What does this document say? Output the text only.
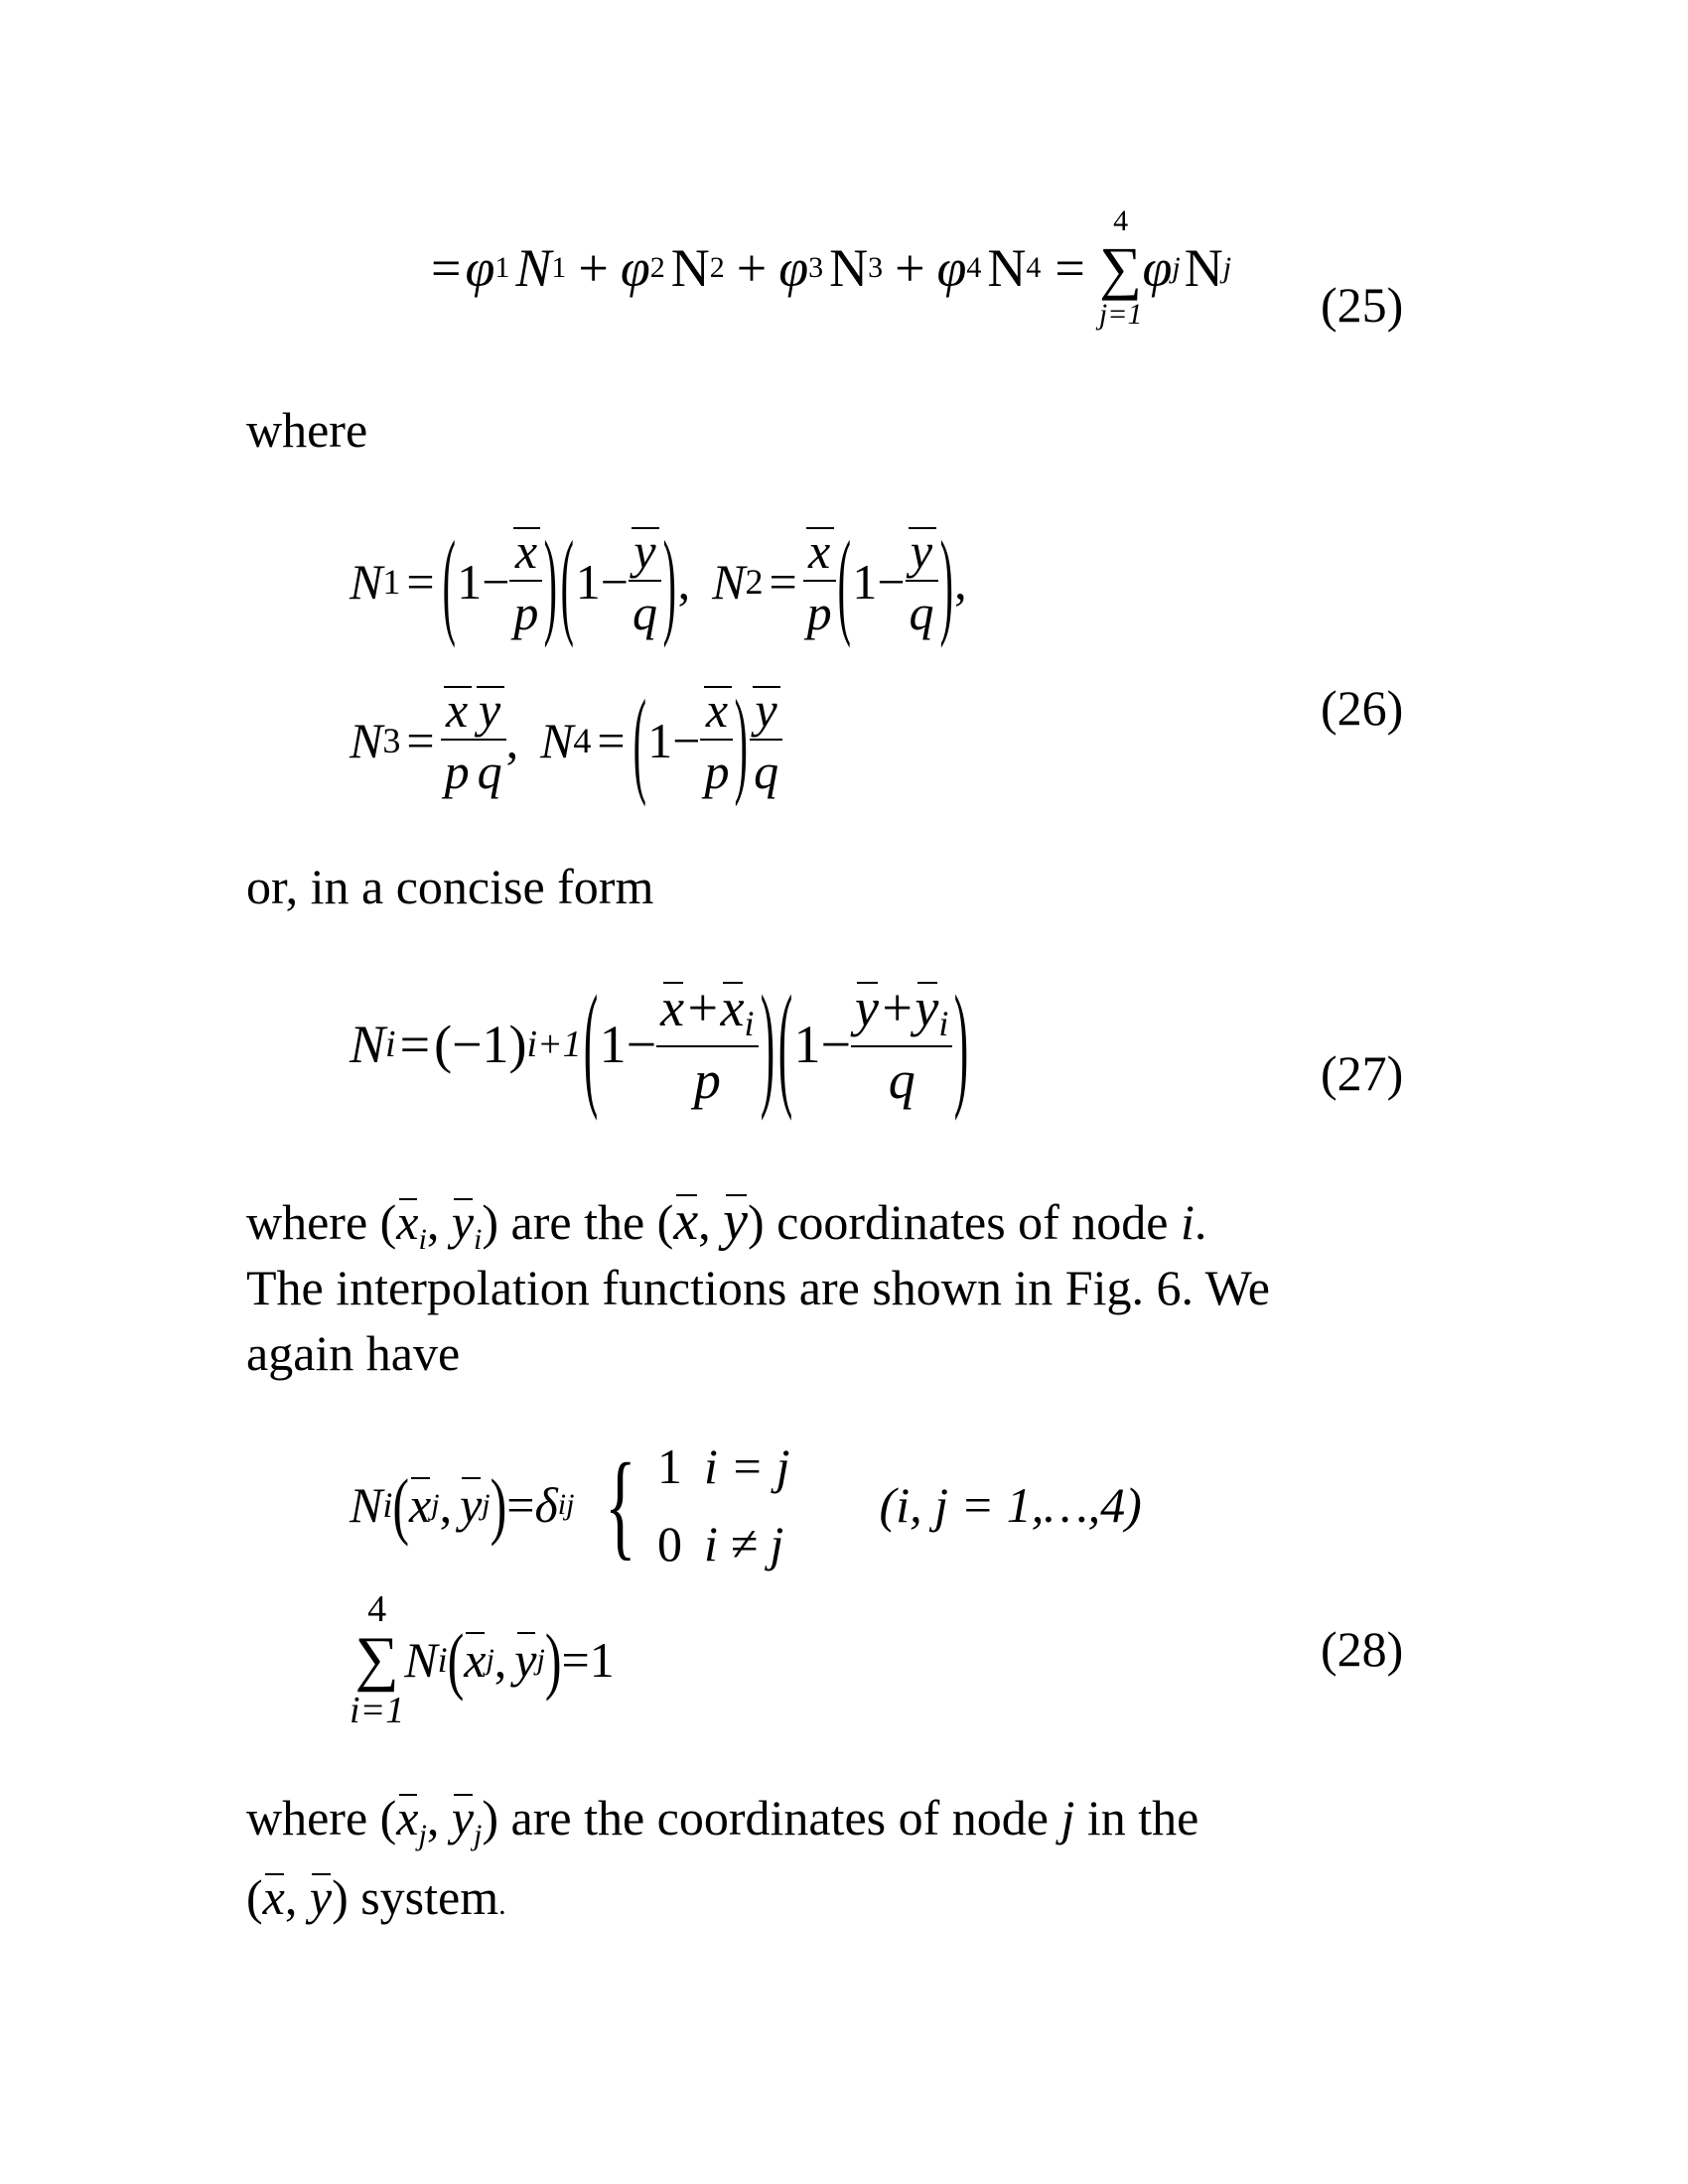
= φ 1 N 1 + φ 2 N 2 + φ 3 N 3 + φ 4 N 4 =
4
∑
j=1
φ j N j
(25)
where
N 1 = ( $1 - \frac{x}{p}$ ) ( $1 - \frac{y}{q}$ ) , N $2 = \frac{x}{p}$ ( $1 - \frac{y}{q}$ ) ,
N $3 = \frac{x}{p} \frac{y}{q}$ , N 4 = ( $1 - \frac{x}{p}$ ) $\frac{y}{q}$	(26)
or, in a concise form
N i = (−1) i+1 ( $1 - \frac{x+x_i}{p}$ ) ( $1 - \frac{y+y_i}{q}$ )	(27)
where ($x_i$, $y_i$) are the (x, y) coordinates of node i.
The interpolation functions are shown in Fig. 6. We
again have
N i ( x j , y j ) = δ ij { 1 i = j
0 i ≠ j
(i, j = 1,…,4)
4
∑
i=1
N i ( x j , y j ) = 1	(28)
where ($x_j$, $y_j$) are the coordinates of node j in the
(x, y) system.
